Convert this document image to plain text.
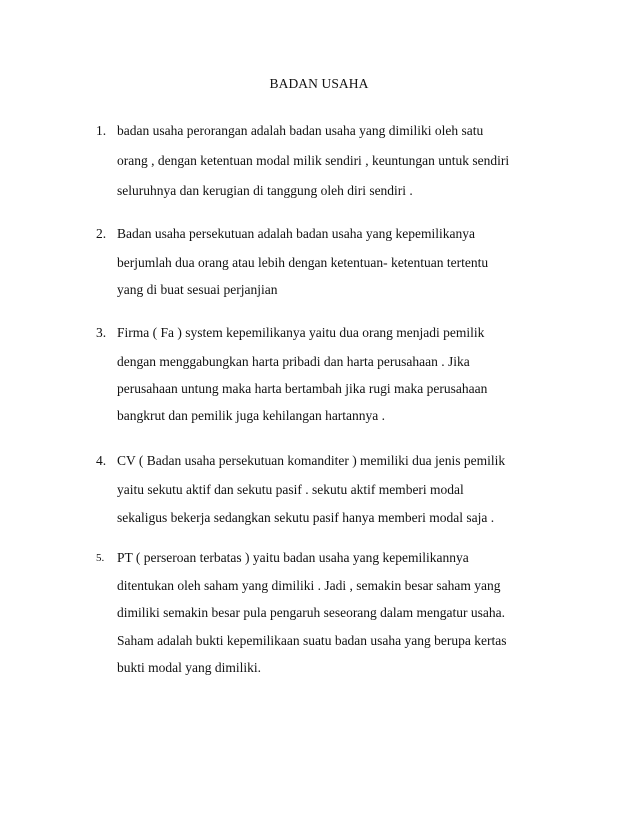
BADAN USAHA
1. badan usaha perorangan adalah badan usaha yang dimiliki oleh satu
orang , dengan ketentuan modal milik sendiri , keuntungan untuk sendiri
seluruhnya dan kerugian di tanggung oleh diri sendiri .
2. Badan usaha persekutuan adalah badan usaha yang kepemilikanya
berjumlah dua orang atau lebih dengan ketentuan- ketentuan tertentu
yang di buat sesuai perjanjian
3. Firma ( Fa ) system kepemilikanya yaitu dua orang menjadi pemilik
dengan menggabungkan harta pribadi dan harta perusahaan . Jika
perusahaan untung maka harta bertambah jika rugi maka perusahaan
bangkrut dan pemilik juga kehilangan hartannya .
4. CV ( Badan usaha persekutuan komanditer ) memiliki dua jenis pemilik
yaitu sekutu aktif dan sekutu pasif . sekutu aktif memberi modal
sekaligus bekerja sedangkan sekutu pasif hanya memberi modal saja .
5. PT ( perseroan terbatas ) yaitu badan usaha yang kepemilikannya
ditentukan oleh saham yang dimiliki . Jadi , semakin besar saham yang
dimiliki semakin besar pula pengaruh seseorang dalam mengatur usaha.
Saham adalah bukti kepemilikaan suatu badan usaha yang berupa kertas
bukti modal yang dimiliki.
